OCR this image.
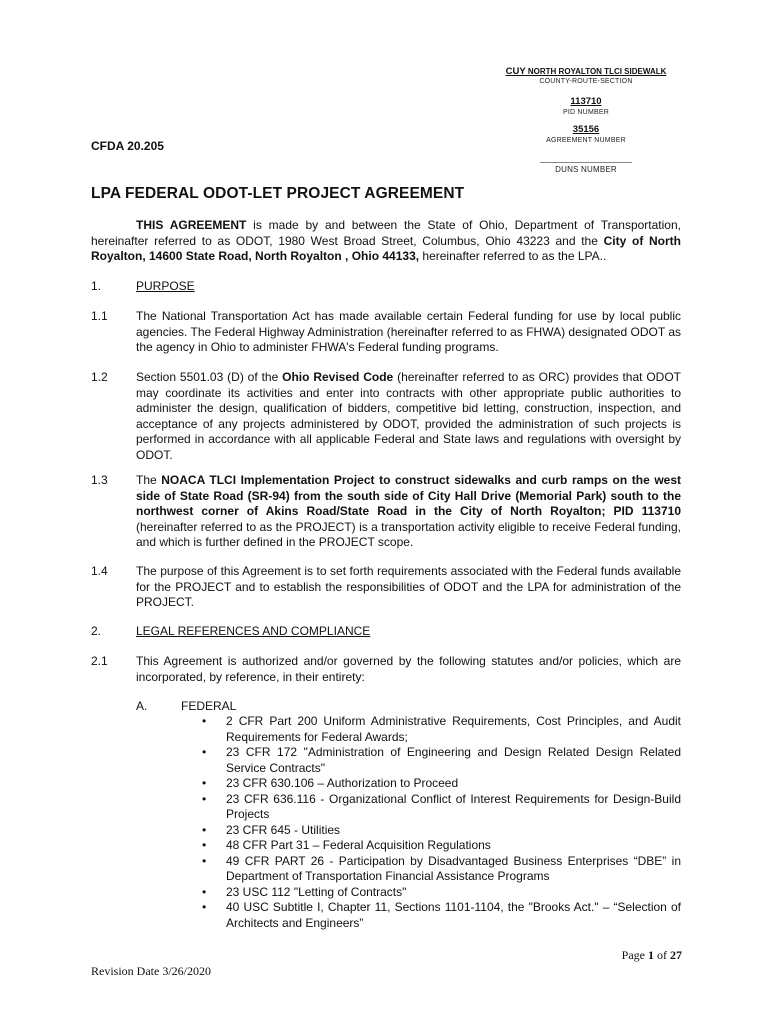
CUY NORTH ROYALTON TLCI SIDEWALK
COUNTY-ROUTE-SECTION
113710
PID NUMBER
35156
AGREEMENT NUMBER
DUNS NUMBER
CFDA 20.205
LPA FEDERAL ODOT-LET PROJECT AGREEMENT
THIS AGREEMENT is made by and between the State of Ohio, Department of Transportation, hereinafter referred to as ODOT, 1980 West Broad Street, Columbus, Ohio 43223 and the City of North Royalton, 14600 State Road, North Royalton , Ohio 44133, hereinafter referred to as the LPA..
1.	PURPOSE
1.1 The National Transportation Act has made available certain Federal funding for use by local public agencies. The Federal Highway Administration (hereinafter referred to as FHWA) designated ODOT as the agency in Ohio to administer FHWA's Federal funding programs.
1.2 Section 5501.03 (D) of the Ohio Revised Code (hereinafter referred to as ORC) provides that ODOT may coordinate its activities and enter into contracts with other appropriate public authorities to administer the design, qualification of bidders, competitive bid letting, construction, inspection, and acceptance of any projects administered by ODOT, provided the administration of such projects is performed in accordance with all applicable Federal and State laws and regulations with oversight by ODOT.
1.3 The NOACA TLCI Implementation Project to construct sidewalks and curb ramps on the west side of State Road (SR-94) from the south side of City Hall Drive (Memorial Park) south to the northwest corner of Akins Road/State Road in the City of North Royalton; PID 113710 (hereinafter referred to as the PROJECT) is a transportation activity eligible to receive Federal funding, and which is further defined in the PROJECT scope.
1.4 The purpose of this Agreement is to set forth requirements associated with the Federal funds available for the PROJECT and to establish the responsibilities of ODOT and the LPA for administration of the PROJECT.
2.	LEGAL REFERENCES AND COMPLIANCE
2.1 This Agreement is authorized and/or governed by the following statutes and/or policies, which are incorporated, by reference, in their entirety:
A.	FEDERAL
• 2 CFR Part 200 Uniform Administrative Requirements, Cost Principles, and Audit Requirements for Federal Awards;
• 23 CFR 172 "Administration of Engineering and Design Related Design Related Service Contracts"
• 23 CFR 630.106 – Authorization to Proceed
• 23 CFR 636.116 - Organizational Conflict of Interest Requirements for Design-Build Projects
• 23 CFR 645 - Utilities
• 48 CFR Part 31 – Federal Acquisition Regulations
• 49 CFR PART 26 - Participation by Disadvantaged Business Enterprises “DBE” in Department of Transportation Financial Assistance Programs
• 23 USC 112 "Letting of Contracts"
• 40 USC Subtitle I, Chapter 11, Sections 1101-1104, the "Brooks Act." – “Selection of Architects and Engineers”
Page 1 of 27
Revision Date 3/26/2020
